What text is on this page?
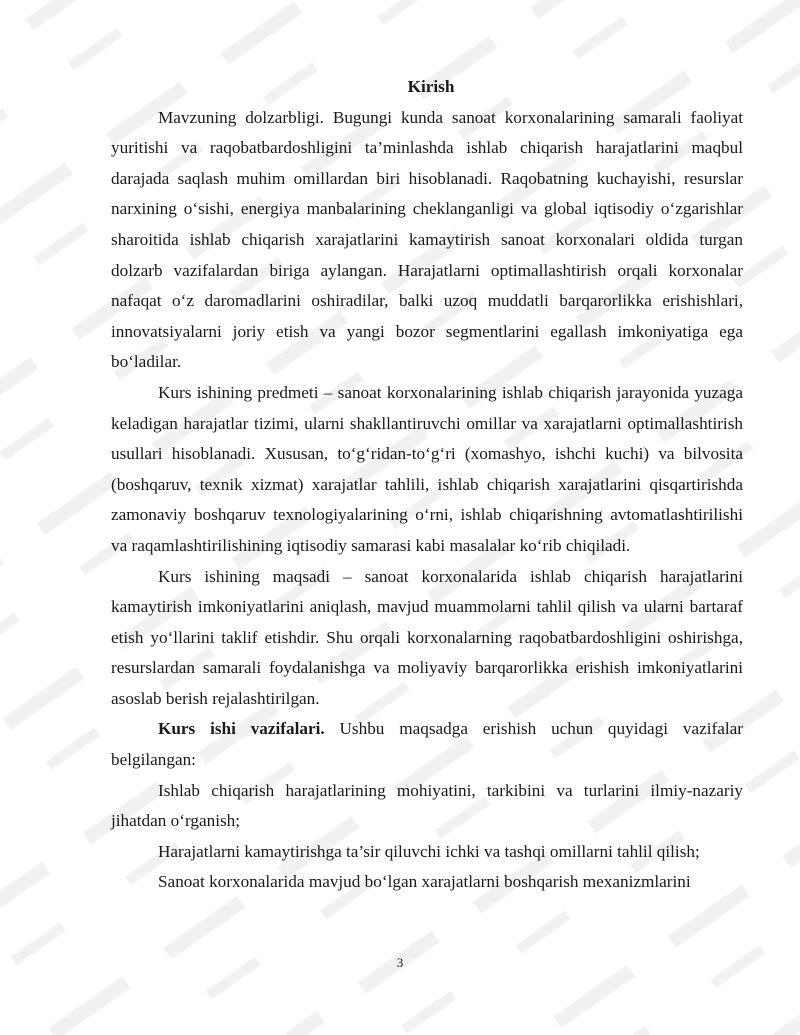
Kirish

Mavzuning dolzarbligi. Bugungi kunda sanoat korxonalarining samarali faoliyat yuritishi va raqobatbardoshligini ta’minlashda ishlab chiqarish harajatlarini maqbul darajada saqlash muhim omillardan biri hisoblanadi. Raqobatning kuchayishi, resurslar narxining o‘sishi, energiya manbalarining cheklanganligi va global iqtisodiy o‘zgarishlar sharoitida ishlab chiqarish xarajatlarini kamaytirish sanoat korxonalari oldida turgan dolzarb vazifalardan biriga aylangan. Harajatlarni optimallashtirish orqali korxonalar nafaqat o‘z daromadlarini oshiradilar, balki uzoq muddatli barqarorlikka erishishlari, innovatsiyalarni joriy etish va yangi bozor segmentlarini egallash imkoniyatiga ega bo‘ladilar.

Kurs ishining predmeti – sanoat korxonalarining ishlab chiqarish jarayonida yuzaga keladigan harajatlar tizimi, ularni shakllantiruvchi omillar va xarajatlarni optimallashtirish usullari hisoblanadi. Xususan, to‘g‘ridan-to‘g‘ri (xomashyo, ishchi kuchi) va bilvosita (boshqaruv, texnik xizmat) xarajatlar tahlili, ishlab chiqarish xarajatlarini qisqartirishda zamonaviy boshqaruv texnologiyalarining o‘rni, ishlab chiqarishning avtomatlashtirilishi va raqamlashtirilishining iqtisodiy samarasi kabi masalalar ko‘rib chiqiladi.

Kurs ishining maqsadi – sanoat korxonalarida ishlab chiqarish harajatlarini kamaytirish imkoniyatlarini aniqlash, mavjud muammolarni tahlil qilish va ularni bartaraf etish yo‘llarini taklif etishdir. Shu orqali korxonalarning raqobatbardoshligini oshirishga, resurslardan samarali foydalanishga va moliyaviy barqarorlikka erishish imkoniyatlarini asoslab berish rejalashtirilgan.

Kurs ishi vazifalari. Ushbu maqsadga erishish uchun quyidagi vazifalar belgilangan:

Ishlab chiqarish harajatlarining mohiyatini, tarkibini va turlarini ilmiy-nazariy jihatdan o‘rganish;

Harajatlarni kamaytirishga ta’sir qiluvchi ichki va tashqi omillarni tahlil qilish;

Sanoat korxonalarida mavjud bo‘lgan xarajatlarni boshqarish mexanizmlarini

3
